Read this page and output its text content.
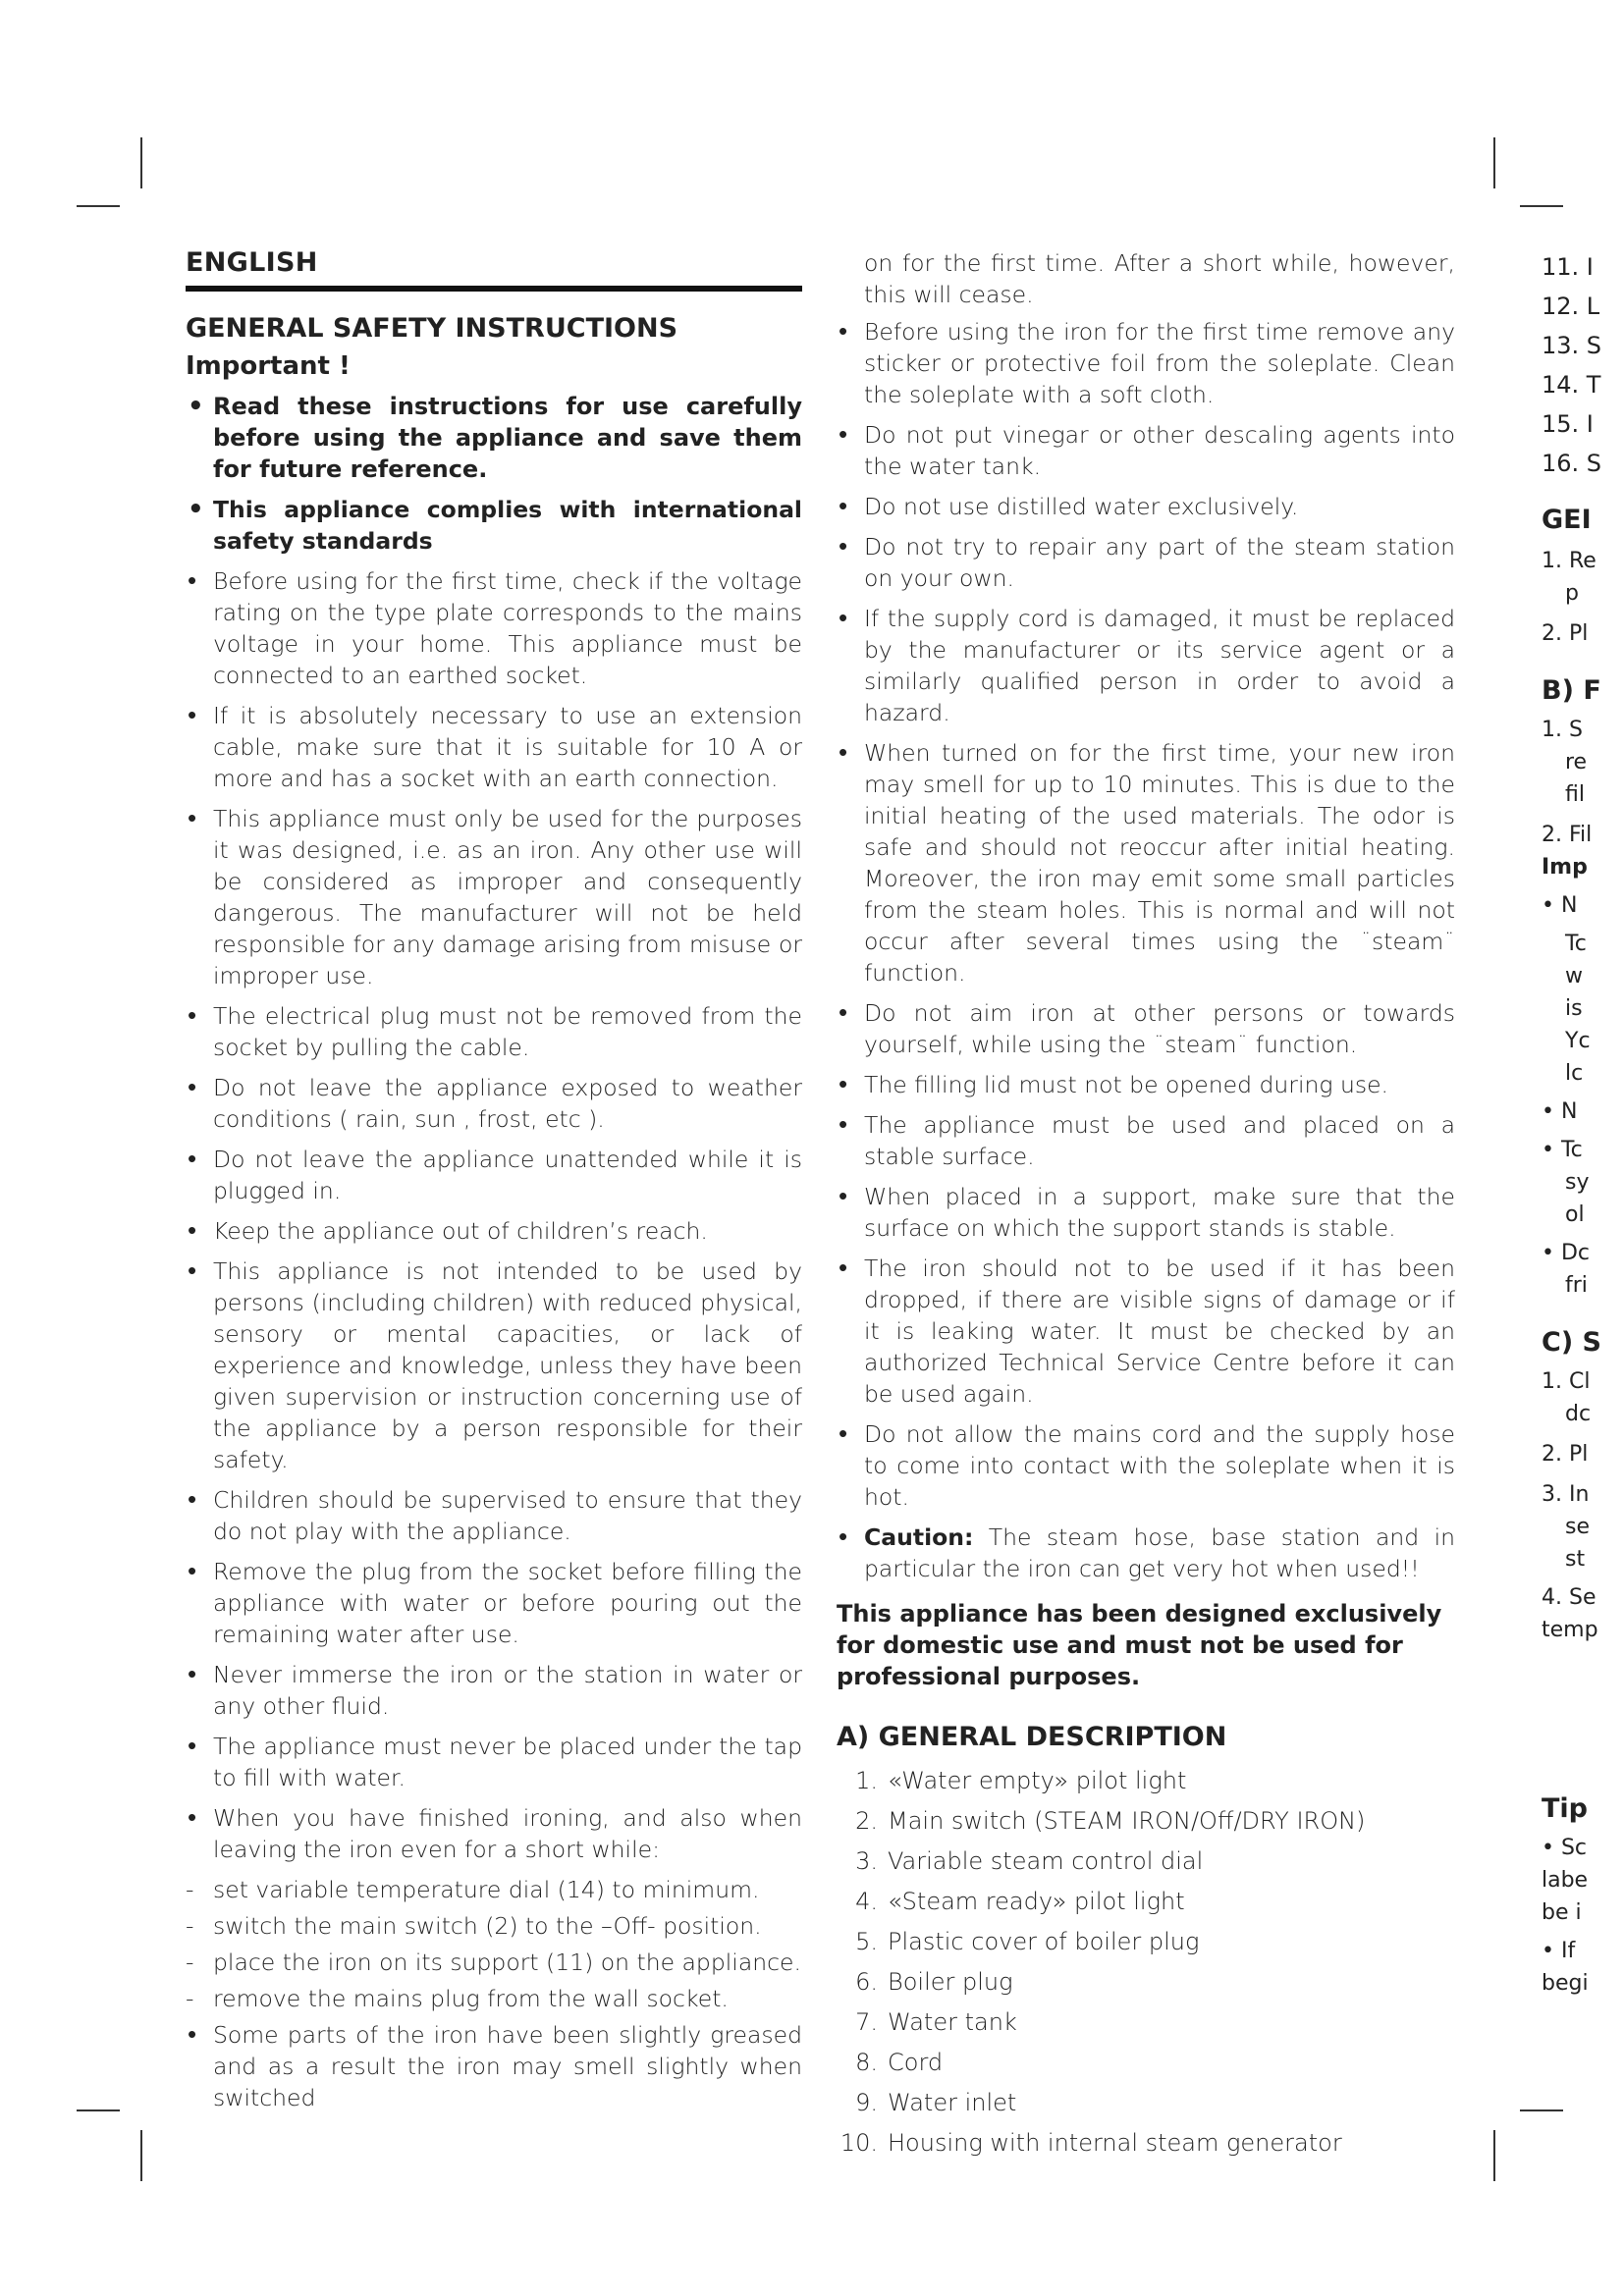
ENGLISH
GENERAL SAFETY INSTRUCTIONS
Important !
• Read these instructions for use carefully before using the appliance and save them for future reference.
• This appliance complies with international safety standards
• Before using for the first time, check if the voltage rating on the type plate corresponds to the mains voltage in your home. This appliance must be connected to an earthed socket.
• If it is absolutely necessary to use an extension cable, make sure that it is suitable for 10 A or more and has a socket with an earth connection.
• This appliance must only be used for the purposes it was designed, i.e. as an iron. Any other use will be considered as improper and consequently dangerous. The manufacturer will not be held responsible for any damage arising from misuse or improper use.
• The electrical plug must not be removed from the socket by pulling the cable.
• Do not leave the appliance exposed to weather conditions ( rain, sun , frost, etc ).
• Do not leave the appliance unattended while it is plugged in.
• Keep the appliance out of children’s reach.
• This appliance is not intended to be used by persons (including children) with reduced physical, sensory or mental capacities, or lack of experience and knowledge, unless they have been given supervision or instruction concerning use of the appliance by a person responsible for their safety.
• Children should be supervised to ensure that they do not play with the appliance.
• Remove the plug from the socket before filling the appliance with water or before pouring out the remaining water after use.
• Never immerse the iron or the station in water or any other fluid.
• The appliance must never be placed under the tap to fill with water.
• When you have finished ironing, and also when leaving the iron even for a short while:
- set variable temperature dial (14) to minimum.
- switch the main switch (2) to the –Off- position.
- place the iron on its support (11) on the appliance.
- remove the mains plug from the wall socket.
• Some parts of the iron have been slightly greased and as a result the iron may smell slightly when switched
on for the first time. After a short while, however, this will cease.
• Before using the iron for the first time remove any sticker or protective foil from the soleplate. Clean the soleplate with a soft cloth.
• Do not put vinegar or other descaling agents into the water tank.
• Do not use distilled water exclusively.
• Do not try to repair any part of the steam station on your own.
• If the supply cord is damaged, it must be replaced by the manufacturer or its service agent or a similarly qualified person in order to avoid a hazard.
• When turned on for the first time, your new iron may smell for up to 10 minutes. This is due to the initial heating of the used materials. The odor is safe and should not reoccur after initial heating. Moreover, the iron may emit some small particles from the steam holes. This is normal and will not occur after several times using the ¨steam¨ function.
• Do not aim iron at other persons or towards yourself, while using the ¨steam¨ function.
• The filling lid must not be opened during use.
• The appliance must be used and placed on a stable surface.
• When placed in a support, make sure that the surface on which the support stands is stable.
• The iron should not to be used if it has been dropped, if there are visible signs of damage or if it is leaking water. It must be checked by an authorized Technical Service Centre before it can be used again.
• Do not allow the mains cord and the supply hose to come into contact with the soleplate when it is hot.
• Caution: The steam hose, base station and in particular the iron can get very hot when used!!
This appliance has been designed exclusively for domestic use and must not be used for professional purposes.
A) GENERAL DESCRIPTION
1. «Water empty» pilot light
2. Main switch (STEAM IRON/Off/DRY IRON)
3. Variable steam control dial
4. «Steam ready» pilot light
5. Plastic cover of boiler plug
6. Boiler plug
7. Water tank
8. Cord
9. Water inlet
10. Housing with internal steam generator
11. I
12. L
13. S
14. T
15. I
16. S
GEI
1. Re
p
2. Pl
B) F
1. S
re
fil
2. Fil
Imp
• N
Tc
w
is
Yc
lc
• N
• Tc
sy
ol
• Dc
fri
C) S
1. Cl
dc
2. Pl
3. In
se
st
4. Se
temp
Tip
• Sc
labe
be i
• If
begi
